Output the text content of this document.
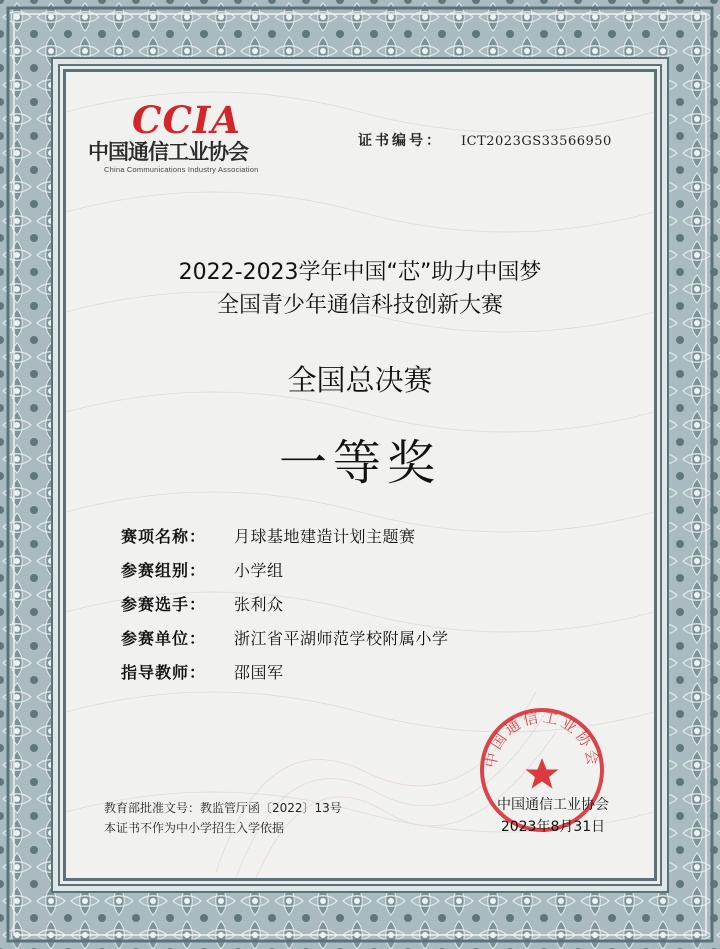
CCIA
中国通信工业协会
China Communications Industry Association
证书编号： ICT2023GS33566950
2022-2023学年中国“芯”助力中国梦
全国青少年通信科技创新大赛
全国总决赛
一等奖
赛项名称：	月球基地建造计划主题赛
参赛组别：	小学组
参赛选手：	张利众
参赛单位：	浙江省平湖师范学校附属小学
指导教师：	邵国军
教育部批准文号：教监管厅函〔2022〕13号
本证书不作为中小学招生入学依据
中国通信工业协会
中国通信工业协会
2023年8月31日
